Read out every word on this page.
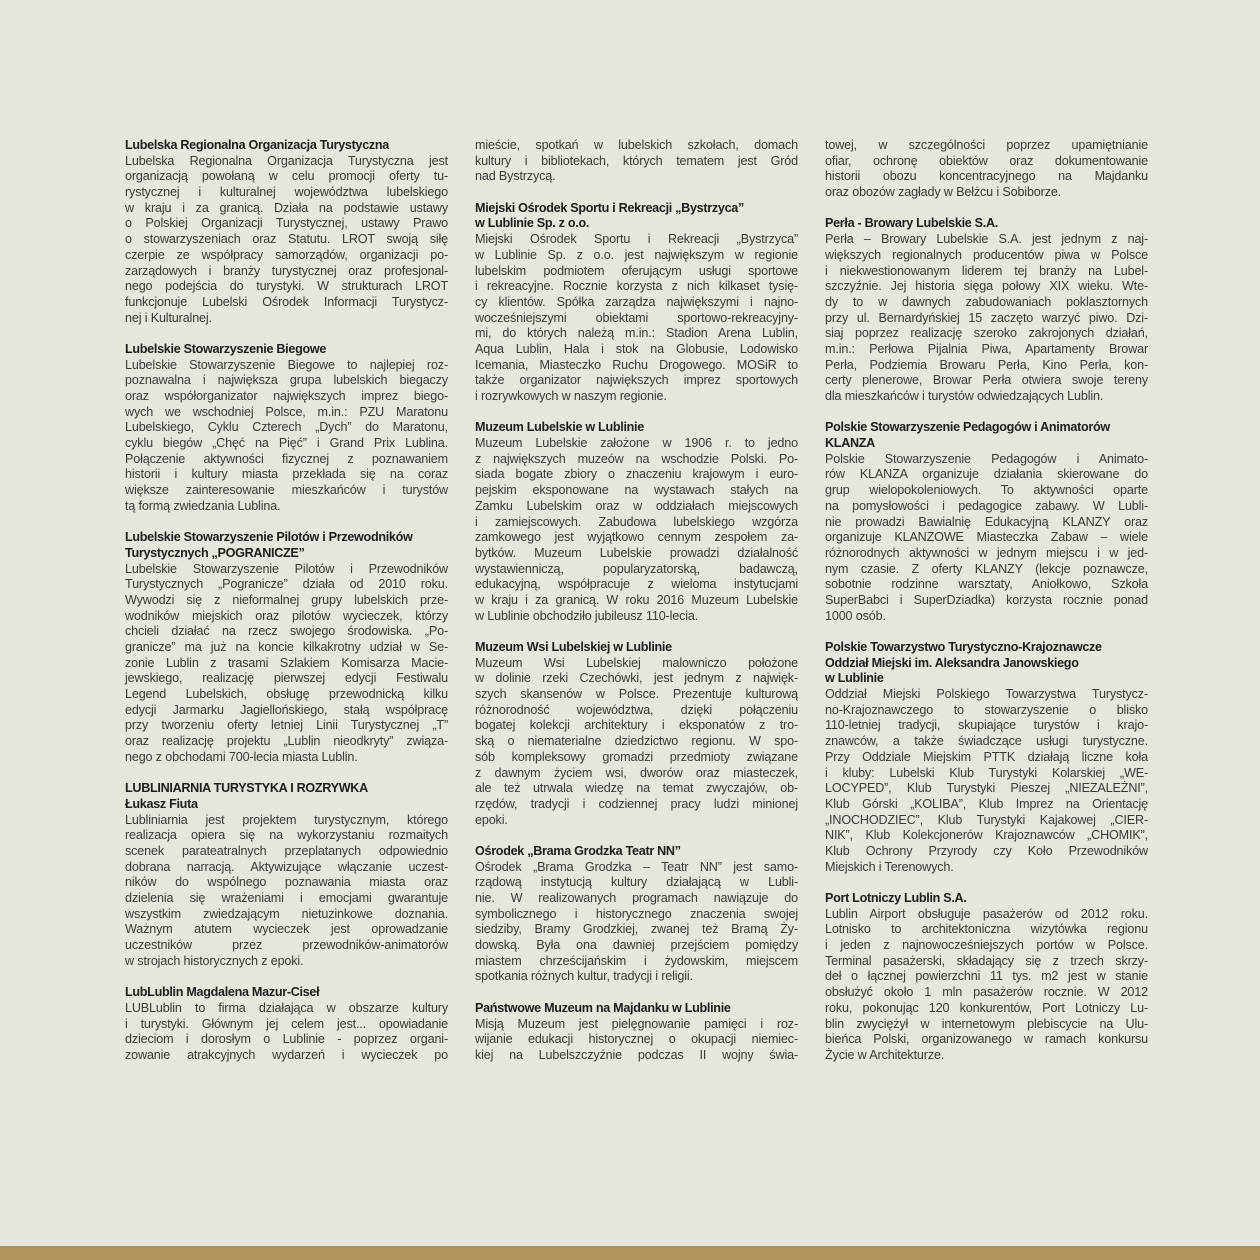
Lubelska Regionalna Organizacja Turystyczna
Lubelska Regionalna Organizacja Turystyczna jest
organizacją powołaną w celu promocji oferty tu-
rystycznej i kulturalnej województwa lubelskiego
w kraju i za granicą. Działa na podstawie ustawy
o Polskiej Organizacji Turystycznej, ustawy Prawo
o stowarzyszeniach oraz Statutu. LROT swoją siłę
czerpie ze współpracy samorządów, organizacji po-
zarządowych i branży turystycznej oraz profesjonal-
nego podejścia do turystyki. W strukturach LROT
funkcjonuje Lubelski Ośrodek Informacji Turystycz-
nej i Kulturalnej.
Lubelskie Stowarzyszenie Biegowe
Lubelskie Stowarzyszenie Biegowe to najlepiej roz-
poznawalna i największa grupa lubelskich biegaczy
oraz współorganizator największych imprez biego-
wych we wschodniej Polsce, m.in.: PZU Maratonu
Lubelskiego, Cyklu Czterech „Dych” do Maratonu,
cyklu biegów „Chęć na Pięć” i Grand Prix Lublina.
Połączenie aktywności fizycznej z poznawaniem
historii i kultury miasta przekłada się na coraz
większe zainteresowanie mieszkańców i turystów
tą formą zwiedzania Lublina.
Lubelskie Stowarzyszenie Pilotów i Przewodników
Turystycznych „POGRANICZE”
Lubelskie Stowarzyszenie Pilotów i Przewodników
Turystycznych „Pogranicze” działa od 2010 roku.
Wywodzi się z nieformalnej grupy lubelskich prze-
wodników miejskich oraz pilotów wycieczek, którzy
chcieli działać na rzecz swojego środowiska. „Po-
granicze” ma już na koncie kilkakrotny udział w Se-
zonie Lublin z trasami Szlakiem Komisarza Macie-
jewskiego, realizację pierwszej edycji Festiwalu
Legend Lubelskich, obsługę przewodnicką kilku
edycji Jarmarku Jagiellońskiego, stałą współpracę
przy tworzeniu oferty letniej Linii Turystycznej „T”
oraz realizację projektu „Lublin nieodkryty” związa-
nego z obchodami 700-lecia miasta Lublin.
LUBLINIARNIA TURYSTYKA I ROZRYWKA
Łukasz Fiuta
Lubliniarnia jest projektem turystycznym, którego
realizacja opiera się na wykorzystaniu rozmaitych
scenek parateatralnych przeplatanych odpowiednio
dobrana narracją. Aktywizujące włączanie uczest-
ników do wspólnego poznawania miasta oraz
dzielenia się wrażeniami i emocjami gwarantuje
wszystkim zwiedzającym nietuzinkowe doznania.
Ważnym atutem wycieczek jest oprowadzanie
uczestników przez przewodników-animatorów
w strojach historycznych z epoki.
LubLublin Magdalena Mazur-Ciseł
LUBLublin to firma działająca w obszarze kultury
i turystyki. Głównym jej celem jest... opowiadanie
dzieciom i dorosłym o Lublinie - poprzez organi-
zowanie atrakcyjnych wydarzeń i wycieczek po
mieście, spotkań w lubelskich szkołach, domach
kultury i bibliotekach, których tematem jest Gród
nad Bystrzycą.
Miejski Ośrodek Sportu i Rekreacji „Bystrzyca”
w Lublinie Sp. z o.o.
Miejski Ośrodek Sportu i Rekreacji „Bystrzyca”
w Lublinie Sp. z o.o. jest największym w regionie
lubelskim podmiotem oferującym usługi sportowe
i rekreacyjne. Rocznie korzysta z nich kilkaset tysię-
cy klientów. Spółka zarządza największymi i najno-
wocześniejszymi obiektami sportowo-rekreacyjny-
mi, do których należą m.in.: Stadion Arena Lublin,
Aqua Lublin, Hala i stok na Globusie, Lodowisko
Icemania, Miasteczko Ruchu Drogowego. MOSiR to
także organizator największych imprez sportowych
i rozrywkowych w naszym regionie.
Muzeum Lubelskie w Lublinie
Muzeum Lubelskie założone w 1906 r. to jedno
z największych muzeów na wschodzie Polski. Po-
siada bogate zbiory o znaczeniu krajowym i euro-
pejskim eksponowane na wystawach stałych na
Zamku Lubelskim oraz w oddziałach miejscowych
i zamiejscowych. Zabudowa lubelskiego wzgórza
zamkowego jest wyjątkowo cennym zespołem za-
bytków. Muzeum Lubelskie prowadzi działalność
wystawienniczą, popularyzatorską, badawczą,
edukacyjną, współpracuje z wieloma instytucjami
w kraju i za granicą. W roku 2016 Muzeum Lubelskie
w Lublinie obchodziło jubileusz 110-lecia.
Muzeum Wsi Lubelskiej w Lublinie
Muzeum Wsi Lubelskiej malowniczo położone
w dolinie rzeki Czechówki, jest jednym z najwięk-
szych skansenów w Polsce. Prezentuje kulturową
różnorodność województwa, dzięki połączeniu
bogatej kolekcji architektury i eksponatów z tro-
ską o niematerialne dziedzictwo regionu. W spo-
sób kompleksowy gromadzi przedmioty związane
z dawnym życiem wsi, dworów oraz miasteczek,
ale też utrwala wiedzę na temat zwyczajów, ob-
rzędów, tradycji i codziennej pracy ludzi minionej
epoki.
Ośrodek „Brama Grodzka Teatr NN”
Ośrodek „Brama Grodzka – Teatr NN” jest samo-
rządową instytucją kultury działającą w Lubli-
nie. W realizowanych programach nawiązuje do
symbolicznego i historycznego znaczenia swojej
siedziby, Bramy Grodzkiej, zwanej też Bramą Ży-
dowską. Była ona dawniej przejściem pomiędzy
miastem chrześcijańskim i żydowskim, miejscem
spotkania różnych kultur, tradycji i religii.
Państwowe Muzeum na Majdanku w Lublinie
Misją Muzeum jest pielęgnowanie pamięci i roz-
wijanie edukacji historycznej o okupacji niemiec-
kiej na Lubelszczyźnie podczas II wojny świa-
towej, w szczególności poprzez upamiętnianie
ofiar, ochronę obiektów oraz dokumentowanie
historii obozu koncentracyjnego na Majdanku
oraz obozów zagłady w Bełżcu i Sobiborze.
Perła - Browary Lubelskie S.A.
Perła – Browary Lubelskie S.A. jest jednym z naj-
większych regionalnych producentów piwa w Polsce
i niekwestionowanym liderem tej branży na Lubel-
szczyźnie. Jej historia sięga połowy XIX wieku. Wte-
dy to w dawnych zabudowaniach poklasztornych
przy ul. Bernardyńskiej 15 zaczęto warzyć piwo. Dzi-
siaj poprzez realizację szeroko zakrojonych działań,
m.in.: Perłowa Pijalnia Piwa, Apartamenty Browar
Perła, Podziemia Browaru Perła, Kino Perła, kon-
certy plenerowe, Browar Perła otwiera swoje tereny
dla mieszkańców i turystów odwiedzających Lublin.
Polskie Stowarzyszenie Pedagogów i Animatorów
KLANZA
Polskie Stowarzyszenie Pedagogów i Animato-
rów KLANZA organizuje działania skierowane do
grup wielopokoleniowych. To aktywności oparte
na pomysłowości i pedagogice zabawy. W Lubli-
nie prowadzi Bawialnię Edukacyjną KLANZY oraz
organizuje KLANZOWE Miasteczka Zabaw – wiele
różnorodnych aktywności w jednym miejscu i w jed-
nym czasie. Z oferty KLANZY (lekcje poznawcze,
sobotnie rodzinne warsztaty, Aniołkowo, Szkoła
SuperBabci i SuperDziadka) korzysta rocznie ponad
1000 osób.
Polskie Towarzystwo Turystyczno-Krajoznawcze
Oddział Miejski im. Aleksandra Janowskiego
w Lublinie
Oddział Miejski Polskiego Towarzystwa Turystycz-
no-Krajoznawczego to stowarzyszenie o blisko
110-letniej tradycji, skupiające turystów i krajo-
znawców, a także świadczące usługi turystyczne.
Przy Oddziale Miejskim PTTK działają liczne koła
i kluby: Lubelski Klub Turystyki Kolarskiej „WE-
LOCYPED”, Klub Turystyki Pieszej „NIEZALEŻNI”,
Klub Górski „KOLIBA”, Klub Imprez na Orientację
„INOCHODZIEC”, Klub Turystyki Kajakowej „CIER-
NIK”, Klub Kolekcjonerów Krajoznawców „CHOMIK”,
Klub Ochrony Przyrody czy Koło Przewodników
Miejskich i Terenowych.
Port Lotniczy Lublin S.A.
Lublin Airport obsługuje pasażerów od 2012 roku.
Lotnisko to architektoniczna wizytówka regionu
i jeden z najnowocześniejszych portów w Polsce.
Terminal pasażerski, składający się z trzech skrzy-
deł o łącznej powierzchni 11 tys. m2 jest w stanie
obsłużyć około 1 mln pasażerów rocznie. W 2012
roku, pokonując 120 konkurentów, Port Lotniczy Lu-
blin zwyciężył w internetowym plebiscycie na Ulu-
bieńca Polski, organizowanego w ramach konkursu
Życie w Architekturze.
